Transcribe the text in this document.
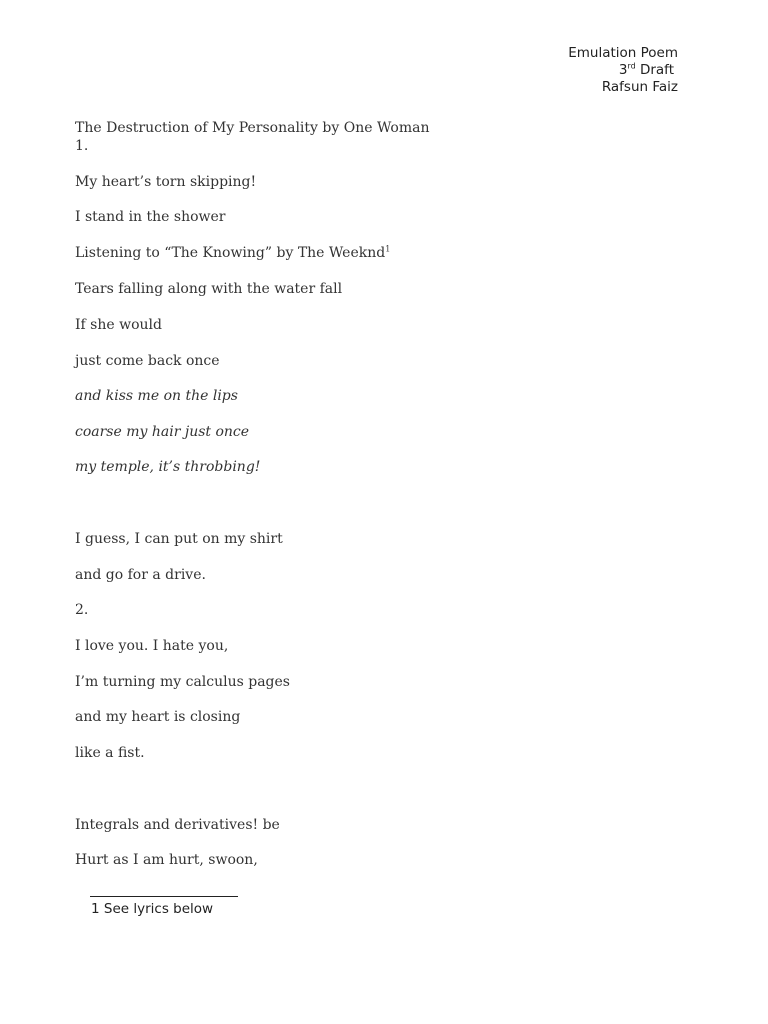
Emulation Poem
3rd Draft
Rafsun Faiz
The Destruction of My Personality by One Woman
1.
My heart’s torn skipping!
I stand in the shower
Listening to “The Knowing” by The Weeknd$^1$
Tears falling along with the water fall
If she would
just come back once
and kiss me on the lips
coarse my hair just once
my temple, it’s throbbing!
I guess, I can put on my shirt
and go for a drive.
2.
I love you. I hate you,
I’m turning my calculus pages
and my heart is closing
like a fist.
Integrals and derivatives! be
Hurt as I am hurt, swoon,
1 See lyrics below
